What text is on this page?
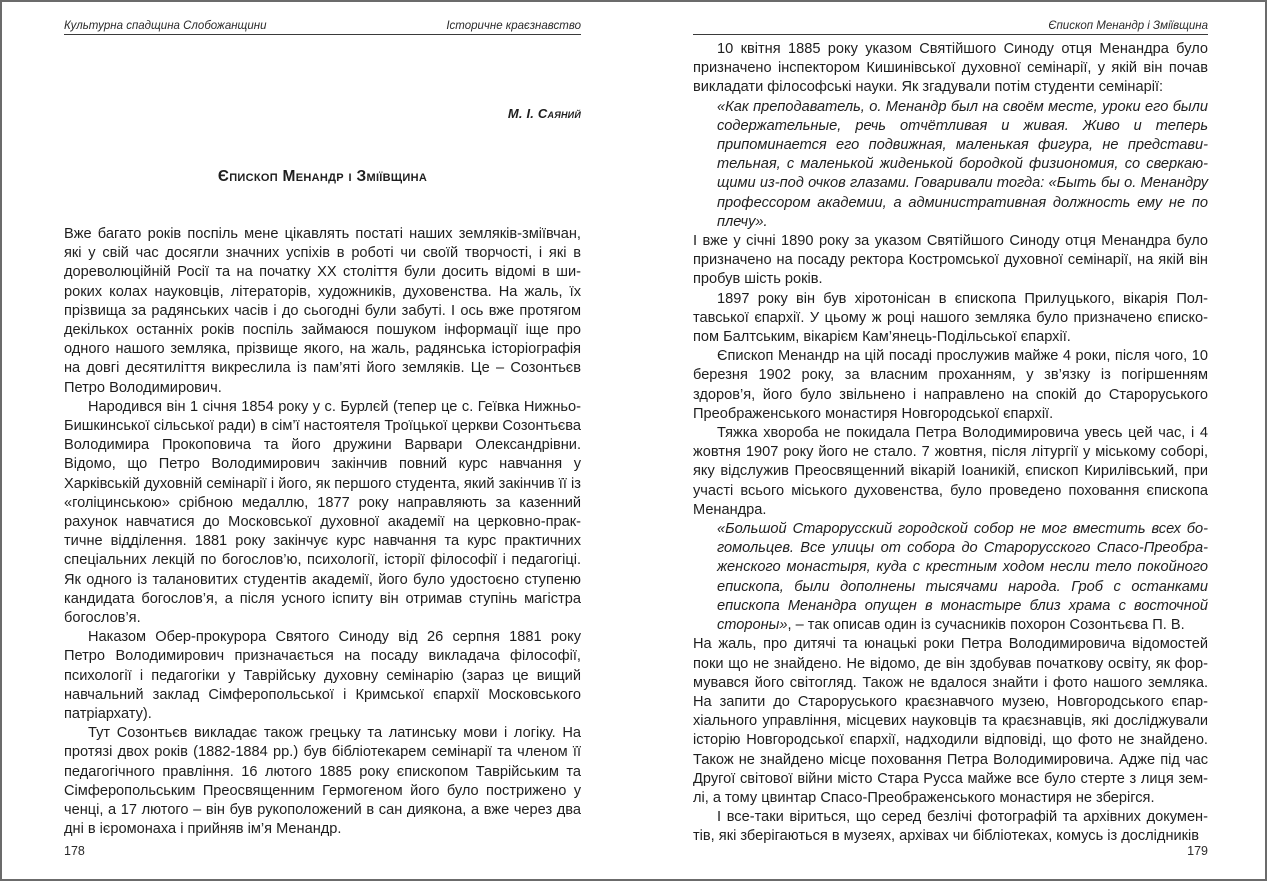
Культурна спадщина Слобожанщини	Історичне краєзнавство
М. І. Саяний
Єпископ Менандр і Зміївщина

Вже багато років поспіль мене цікавлять постаті наших земляків-зміївчан, які у свій час досягли значних успіхів в роботі чи своїй творчості, і які в дореволюційній Росії та на початку XX століття були досить відомі в широких колах науковців, літераторів, художників, духовенства. На жаль, їх прізвища за радянських часів і до сьогодні були забуті. І ось вже протягом декількох останніх років поспіль займаюся пошуком інформації іще про одного нашого земляка, прізвище якого, на жаль, радянська історіографія на довгі десятиліття викреслила із пам’яті його земляків. Це – Созонтьєв Петро Володимирович.

Народився він 1 січня 1854 року у с. Бурлєй (тепер це с. Геївка Нижньо-Бишкинської сільської ради) в сім’ї настоятеля Троїцької церкви Созонтьєва Володимира Прокоповича та його дружини Варвари Олександрівни. Відомо, що Петро Володимирович закінчив повний курс навчання у Харківській духовній семінарії і його, як першого студента, який закінчив її із «голіцинською» срібною медаллю, 1877 року направляють за казенний рахунок навчатися до Московської духовної академії на церковно-практичне відділення. 1881 року закінчує курс навчання та курс практичних спеціальних лекцій по богослов’ю, психології, історії філософії і педагогіці. Як одного із талановитих студентів академії, його було удостоєно ступеню кандидата богослов’я, а після усного іспиту він отримав ступінь магістра богослов’я.

Наказом Обер-прокурора Святого Синоду від 26 серпня 1881 року Петро Володимирович призначається на посаду викладача філософії, психології і педагогіки у Таврійську духовну семінарію (зараз це вищий навчальний заклад Сімферопольської і Кримської єпархії Московського патріархату).

Тут Созонтьєв викладає також грецьку та латинську мови і логіку. На протязі двох років (1882-1884 рр.) був бібліотекарем семінарії та членом її педагогічного правління. 16 лютого 1885 року єпископом Таврійським та Сімферопольським Преосвященним Гермогеном його було пострижено у ченці, а 17 лютого – він був рукоположений в сан диякона, а вже через два дні в ієромонаха і прийняв ім’я Менандр.

178
Єпископ Менандр і Зміївщина

10 квітня 1885 року указом Святійшого Синоду отця Менандра було призначено інспектором Кишинівської духовної семінарії, у якій він почав викладати філософські науки. Як згадували потім студенти семінарії:

«Как преподаватель, о. Менандр был на своём месте, уроки его были содержательные, речь отчётливая и живая. Живо и теперь припоминается его подвижная, маленькая фигура, не представительная, с маленькой жиденькой бородкой физиономия, со сверкающими из-под очков глазами. Говаривали тогда: «Быть бы о. Менандру профессором академии, а административная должность ему не по плечу».

І вже у січні 1890 року за указом Святійшого Синоду отця Менандра було призначено на посаду ректора Костромської духовної семінарії, на якій він пробув шість років.

1897 року він був хіротонісан в єпископа Прилуцького, вікарія Полтавської єпархії. У цьому ж році нашого земляка було призначено єпископом Балтським, вікарієм Кам’янець-Подільської єпархії.

Єпископ Менандр на цій посаді прослужив майже 4 роки, після чого, 10 березня 1902 року, за власним проханням, у зв’язку із погіршенням здоров’я, його було звільнено і направлено на спокій до Староруського Преображенського монастиря Новгородської єпархії.

Тяжка хвороба не покидала Петра Володимировича увесь цей час, і 4 жовтня 1907 року його не стало. 7 жовтня, після літургії у міському соборі, яку відслужив Преосвященний вікарій Іоаникій, єпископ Кирилівський, при участі всього міського духовенства, було проведено поховання єпископа Менандра.

«Большой Старорусский городской собор не мог вместить всех богомольцев. Все улицы от собора до Старорусского Спасо-Преображенского монастыря, куда с крестным ходом несли тело покойного епископа, были дополнены тысячами народа. Гроб с останками епископа Менандра опущен в монастыре близ храма с восточной стороны», – так описав один із сучасників похорон Созонтьєва П. В.

На жаль, про дитячі та юнацькі роки Петра Володимировича відомостей поки що не знайдено. Не відомо, де він здобував початкову освіту, як формувався його світогляд. Також не вдалося знайти і фото нашого земляка. На запити до Староруського краєзнавчого музею, Новгородського єпархіального управління, місцевих науковців та краєзнавців, які досліджували історію Новгородської єпархії, надходили відповіді, що фото не знайдено. Також не знайдено місце поховання Петра Володимировича. Адже під час Другої світової війни місто Стара Русса майже все було стерте з лиця землі, а тому цвинтар Спасо-Преображенського монастиря не зберігся.

І все-таки віриться, що серед безлічі фотографій та архівних документів, які зберігаються в музеях, архівах чи бібліотеках, комусь із дослідників

179
